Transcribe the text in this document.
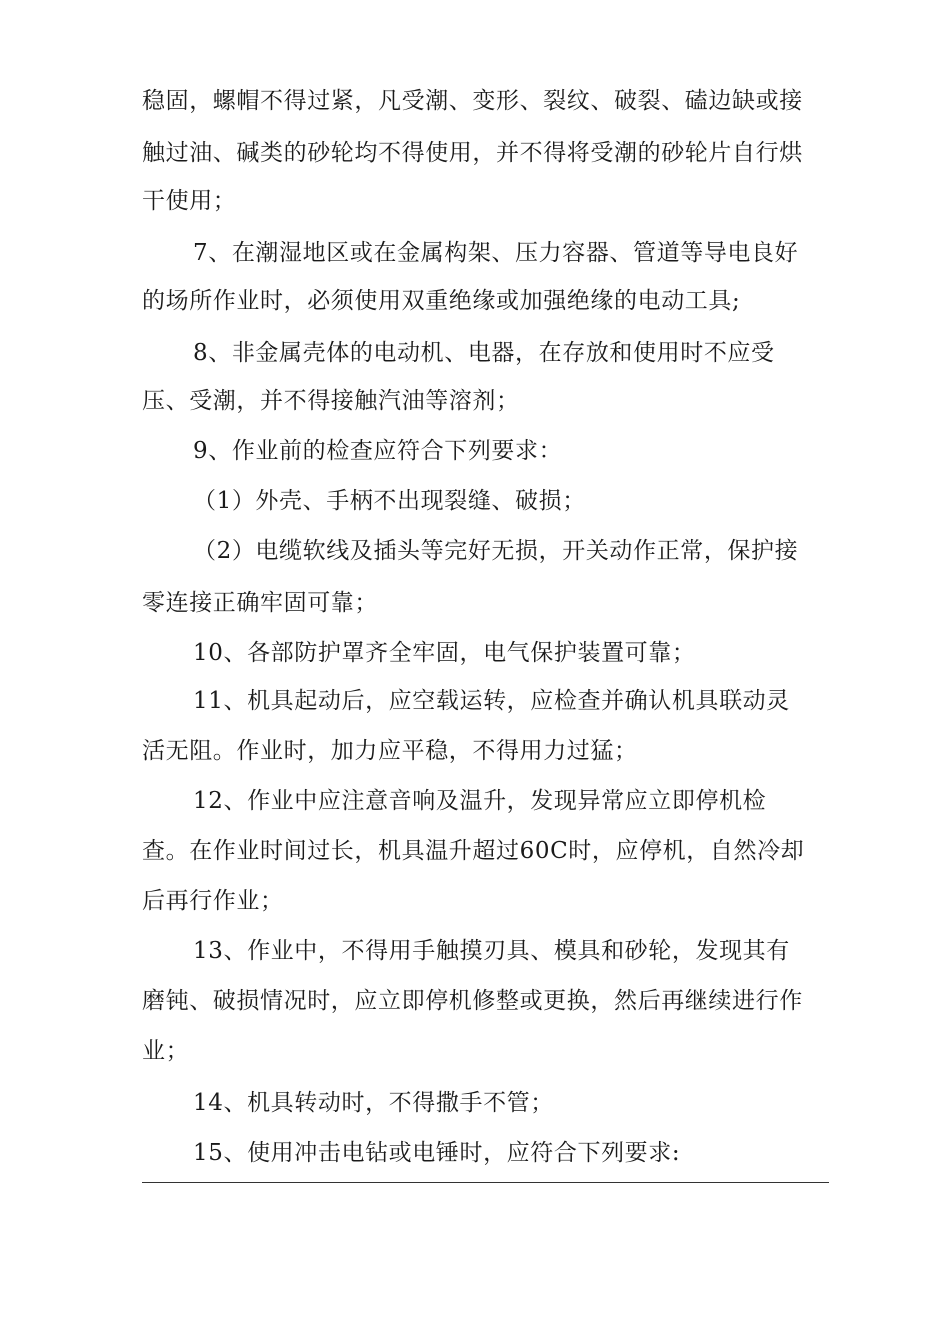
稳固，螺帽不得过紧，凡受潮、变形、裂纹、破裂、磕边缺或接
触过油、碱类的砂轮均不得使用，并不得将受潮的砂轮片自行烘
干使用；
7、在潮湿地区或在金属构架、压力容器、管道等导电良好
的场所作业时，必须使用双重绝缘或加强绝缘的电动工具;
8、非金属壳体的电动机、电器，在存放和使用时不应受
压、受潮，并不得接触汽油等溶剂；
9、作业前的检查应符合下列要求：
（1）外壳、手柄不出现裂缝、破损；
（2）电缆软线及插头等完好无损，开关动作正常，保护接
零连接正确牢固可靠；
10、各部防护罩齐全牢固，电气保护装置可靠；
11、机具起动后，应空载运转，应检查并确认机具联动灵
活无阻。作业时，加力应平稳，不得用力过猛；
12、作业中应注意音响及温升，发现异常应立即停机检
查。在作业时间过长，机具温升超过60C时，应停机，自然冷却
后再行作业；
13、作业中，不得用手触摸刃具、模具和砂轮，发现其有
磨钝、破损情况时，应立即停机修整或更换，然后再继续进行作
业；
14、机具转动时，不得撒手不管；
15、使用冲击电钻或电锤时，应符合下列要求:
